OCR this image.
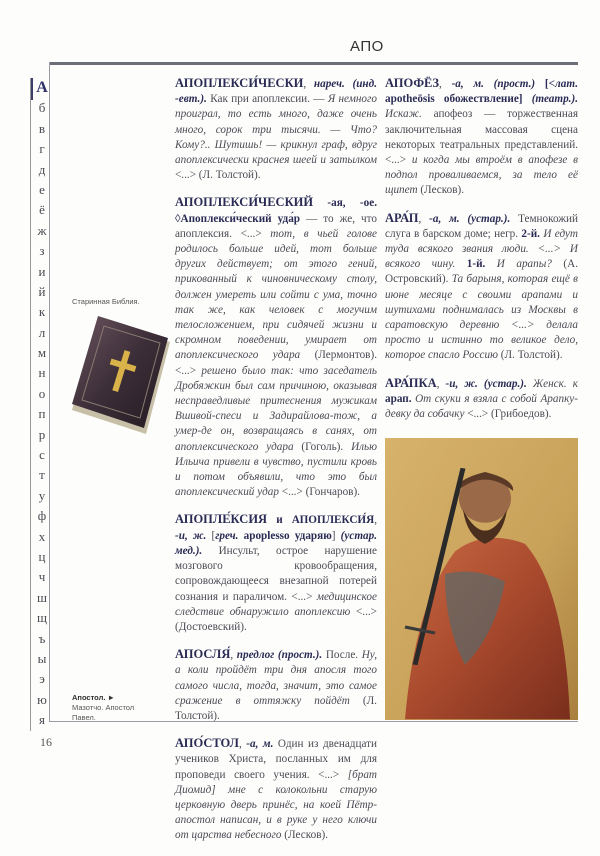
АПО
А
б
в
г
д
е
ё
ж
з
и
й
к
л
м
н
о
п
р
с
т
у
ф
х
ц
ч
ш
щ
ъ
ы
э
ю
я
Старинная Библия.
АПОПЛЕКСИ́ЧЕСКИ, нареч. (инд. -евт.). Как при апоплексии. — Я немного проиграл, то есть много, даже очень много, сорок три тысячи. — Что? Кому?.. Шутишь! — крикнул граф, вдруг апоплексически краснея шеей и затылком <...> (Л. Толстой).
АПОПЛЕКСИ́ЧЕСКИЙ -ая, -ое. ◊Апоплекси́ческий уда́р — то же, что апоплексия. <...> тот, в чьей голове родилось больше идей, тот больше других действует; от этого гений, прикованный к чиновническому столу, должен умереть или сойти с ума, точно так же, как человек с могучим телосложением, при сидячей жизни и скромном поведении, умирает от апоплексического удара (Лермонтов). <...> решено было так: что заседатель Дробяжкин был сам причиною, оказывая несправедливые притеснения мужикам Вшивой-спеси и Задирайлова-тож, а умер-де он, возвращаясь в санях, от апоплексического удара (Гоголь). Илью Ильича привели в чувство, пустили кровь и потом объявили, что это был апоплексический удар <...> (Гончаров).
АПОПЛЕ́КСИЯ и АПОПЛЕКСИ́Я, -и, ж. [греч. apoplesso ударяю] (устар. мед.). Инсульт, острое нарушение мозгового кровообращения, сопровождающееся внезапной потерей сознания и параличом. <...> медицинское следствие обнаружило апоплексию <...> (Достоевский).
АПОСЛЯ́, предлог (прост.). После. Ну, а коли пройдёт три дня апосля того самого числа, тогда, значит, это самое сражение в оттяжку пойдёт (Л. Толстой).
АПО́СТОЛ, -а, м. Один из двенадцати учеников Христа, посланных им для проповеди своего учения. <...> [брат Диомид] мне с колокольни старую церковную дверь принёс, на коей Пётр-апостол написан, и в руке у него ключи от царства небесного (Лесков).
АПОФЁЗ, -а, м. (прост.) [<лат. apotheōsis обожествление] (театр.). Искаж. апофеоз — торжественная заключительная массовая сцена некоторых театральных представлений. <...> и когда мы втроём в апофезе в подпол проваливаемся, за тело её щипет (Лесков).
АРА́П, -а, м. (устар.). Темнокожий слуга в барском доме; негр. 2-й. И едут туда всякого звания люди. <...> И всякого чину. 1-й. И арапы? (А. Островский). Та барыня, которая ещё в июне месяце с своими арапами и шутихами поднималась из Москвы в саратовскую деревню <...> делала просто и истинно то великое дело, которое спасло Россию (Л. Толстой).
АРА́ПКА, -и, ж. (устар.). Женск. к арап. От скуки я взяла с собой Арапку-девку да собачку <...> (Грибоедов).
Апостол. ►
Мазотчо. Апостол Павел.
16
